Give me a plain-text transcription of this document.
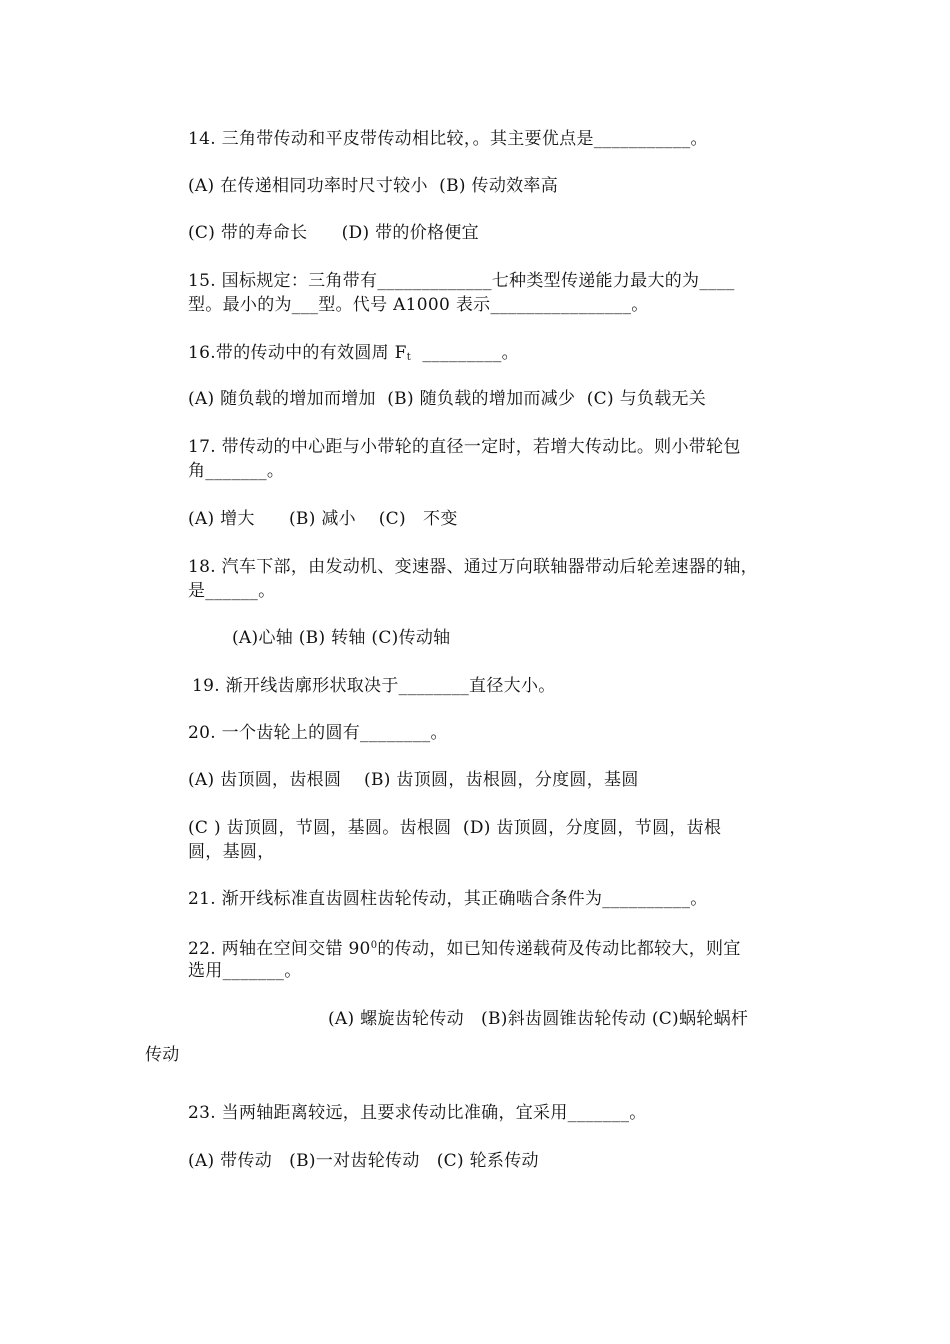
14. 三角带传动和平皮带传动相比较，。其主要优点是___________。
(A) 在传递相同功率时尺寸较小  (B) 传动效率高
(C) 带的寿命长      (D) 带的价格便宜
15. 国标规定：三角带有_____________七种类型传递能力最大的为____
型。最小的为___型。代号 A1000 表示________________。
16.带的传动中的有效圆周 $F_t$  _________。
(A) 随负载的增加而增加  (B) 随负载的增加而减少  (C) 与负载无关
17. 带传动的中心距与小带轮的直径一定时，若增大传动比。则小带轮包
角_______。
(A) 增大      (B) 减小    (C)   不变
18. 汽车下部，由发动机、变速器、通过万向联轴器带动后轮差速器的轴，
是______。
(A)心轴 (B) 转轴 (C)传动轴
19. 渐开线齿廓形状取决于________直径大小。
20. 一个齿轮上的圆有________。
(A) 齿顶圆，齿根圆    (B) 齿顶圆，齿根圆，分度圆，基圆
(C ) 齿顶圆，节圆，基圆。齿根圆  (D) 齿顶圆，分度圆，节圆，齿根
圆，基圆，
21. 渐开线标准直齿圆柱齿轮传动，其正确啮合条件为__________。
22. 两轴在空间交错 $90^0$的传动，如已知传递载荷及传动比都较大，则宜
选用_______。
(A) 螺旋齿轮传动   (B)斜齿圆锥齿轮传动 (C)蜗轮蜗杆
传动
23. 当两轴距离较远，且要求传动比准确，宜采用_______。
(A) 带传动   (B)一对齿轮传动   (C) 轮系传动
